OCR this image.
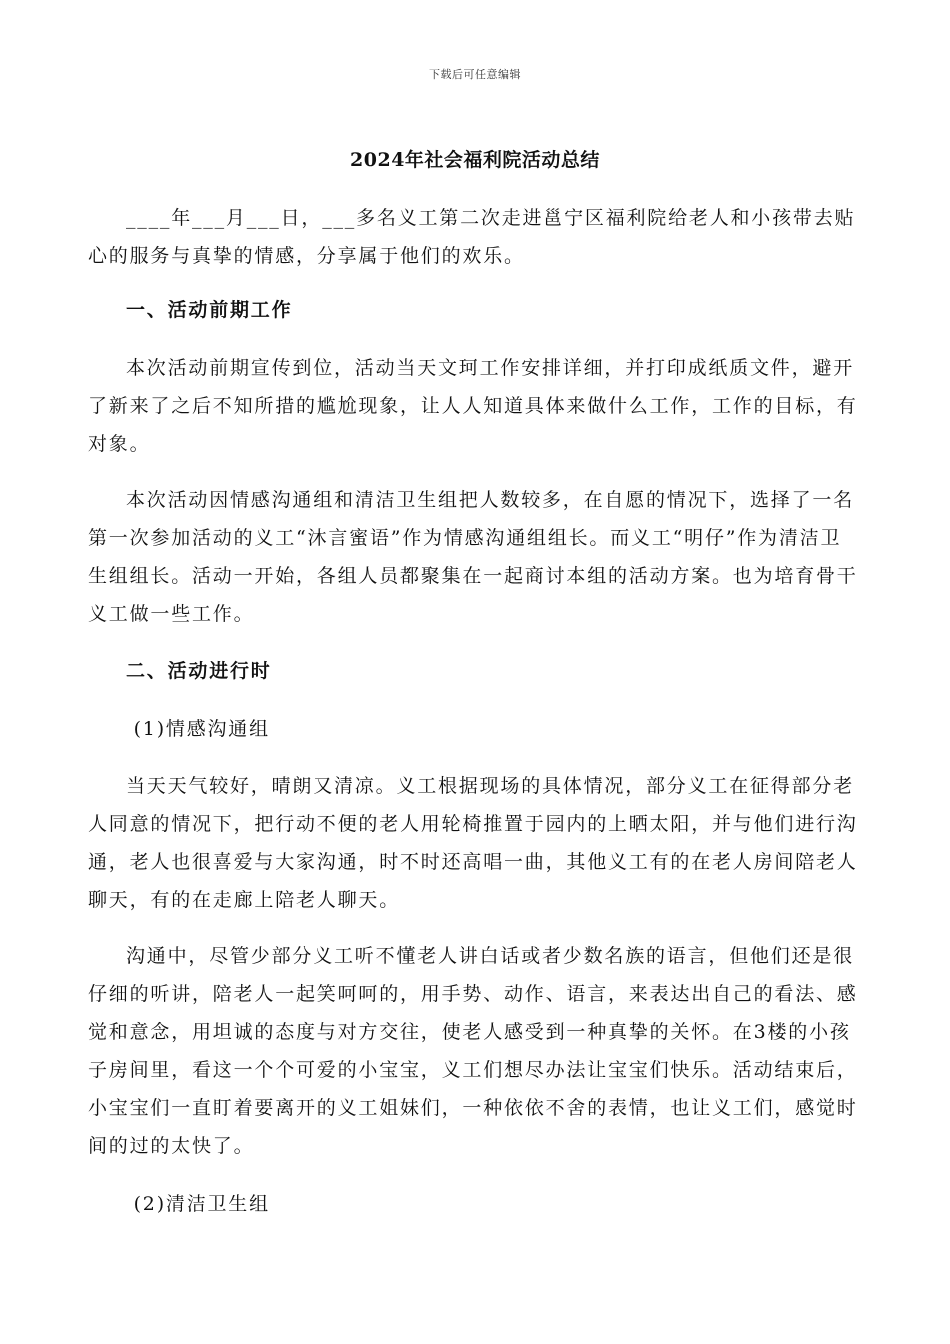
下载后可任意编辑
2024年社会福利院活动总结

____年___月___日，___多名义工第二次走进邕宁区福利院给老人和小孩带去贴心的服务与真挚的情感，分享属于他们的欢乐。

一、活动前期工作

本次活动前期宣传到位，活动当天文珂工作安排详细，并打印成纸质文件，避开了新来了之后不知所措的尴尬现象，让人人知道具体来做什么工作，工作的目标，有对象。

本次活动因情感沟通组和清洁卫生组把人数较多，在自愿的情况下，选择了一名第一次参加活动的义工“沐言蜜语”作为情感沟通组组长。而义工“明仔”作为清洁卫生组组长。活动一开始，各组人员都聚集在一起商讨本组的活动方案。也为培育骨干义工做一些工作。

二、活动进行时

(1)情感沟通组

当天天气较好，晴朗又清凉。义工根据现场的具体情况，部分义工在征得部分老人同意的情况下，把行动不便的老人用轮椅推置于园内的上晒太阳，并与他们进行沟通，老人也很喜爱与大家沟通，时不时还高唱一曲，其他义工有的在老人房间陪老人聊天，有的在走廊上陪老人聊天。

沟通中，尽管少部分义工听不懂老人讲白话或者少数名族的语言，但他们还是很仔细的听讲，陪老人一起笑呵呵的，用手势、动作、语言，来表达出自己的看法、感觉和意念，用坦诚的态度与对方交往，使老人感受到一种真挚的关怀。在3楼的小孩子房间里，看这一个个可爱的小宝宝，义工们想尽办法让宝宝们快乐。活动结束后，小宝宝们一直盯着要离开的义工姐妹们，一种依依不舍的表情，也让义工们，感觉时间的过的太快了。

(2)清洁卫生组
